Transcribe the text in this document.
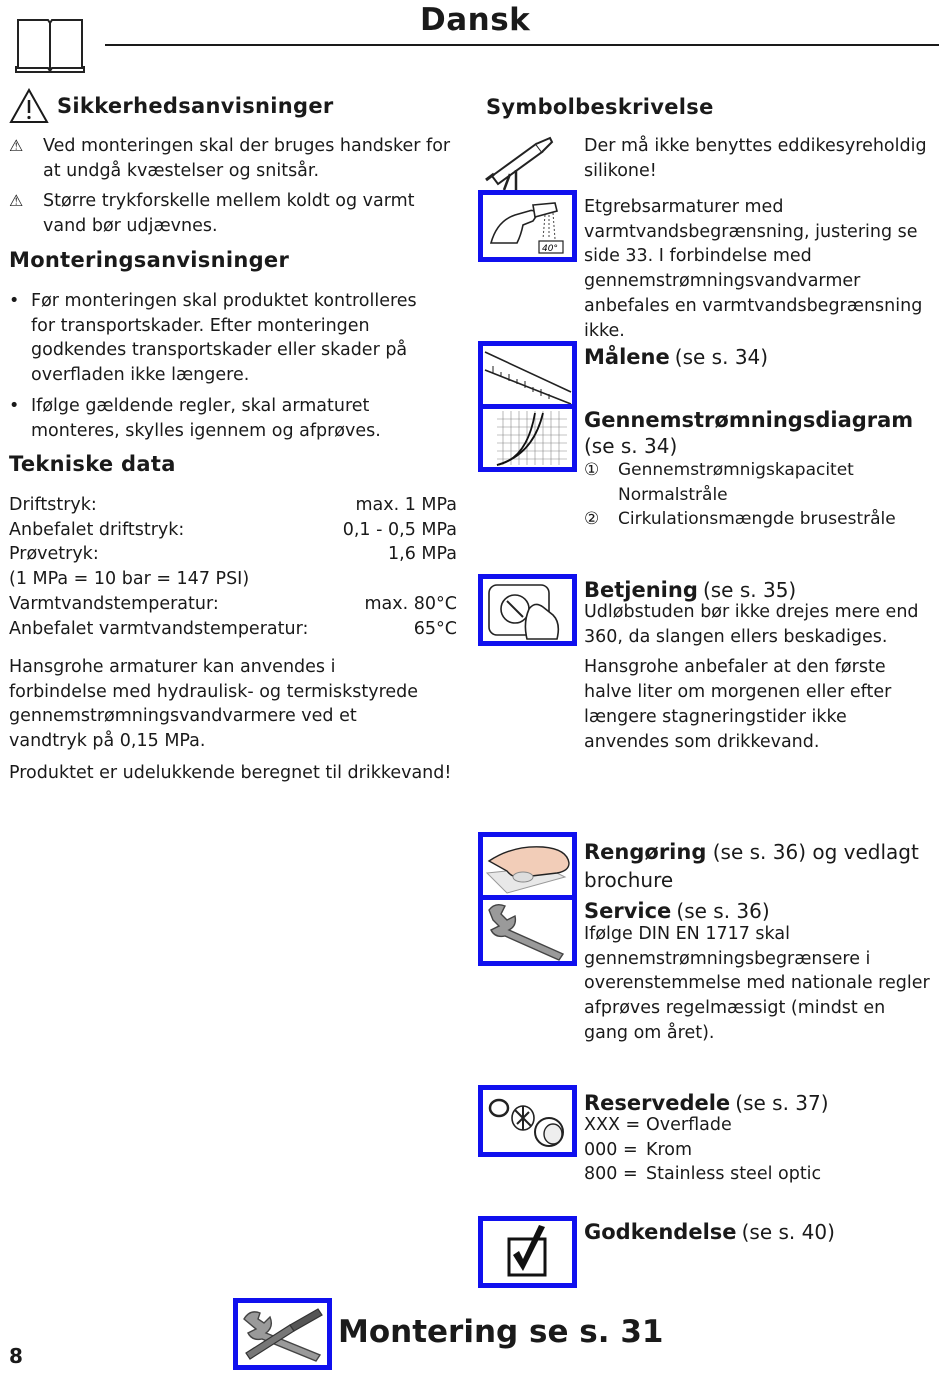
Dansk
Sikkerhedsanvisninger
⚠	Ved monteringen skal der bruges handsker for at undgå kvæstelser og snitsår.
⚠	Større trykforskelle mellem koldt og varmt vand bør udjævnes.
Monteringsanvisninger
• Før monteringen skal produktet kontrolleres for transportskader. Efter monteringen godkendes transportskader eller skader på overfladen ikke længere.
• Ifølge gældende regler, skal armaturet monteres, skylles igennem og afprøves.
Tekniske data
Driftstryk:	max. 1 MPa
Anbefalet driftstryk:	0,1 - 0,5 MPa
Prøvetryk:	1,6 MPa
(1 MPa = 10 bar = 147 PSI)
Varmtvandstemperatur:	max. 80°C
Anbefalet varmtvandstemperatur:	65°C
Hansgrohe armaturer kan anvendes i forbindelse med hydraulisk- og termiskstyrede gennemstrømningsvandvarmere ved et vandtryk på 0,15 MPa.
Produktet er udelukkende beregnet til drikkevand!
Symbolbeskrivelse
Der må ikke benyttes eddikesyreholdig silikone!
40°
Etgrebsarmaturer med varmtvandsbegrænsning, justering se side 33. I forbindelse med gennemstrømningsvandvarmer anbefales en varmtvandsbegrænsning ikke.
Målene (se s. 34)
Gennemstrømningsdiagram
(se s. 34)
①	Gennemstrømnigskapacitet
Normalstråle
②	Cirkulationsmængde brusestråle
Betjening (se s. 35)
Udløbstuden bør ikke drejes mere end 360, da slangen ellers beskadiges.
Hansgrohe anbefaler at den første halve liter om morgenen eller efter længere stagneringstider ikke anvendes som drikkevand.
Rengøring (se s. 36) og vedlagt brochure
Service (se s. 36)
Ifølge DIN EN 1717 skal gennemstrømningsbegrænsere i overenstemmelse med nationale regler afprøves regelmæssigt (mindst en gang om året).
Reservedele (se s. 37)
XXX = Overflade
000 = Krom
800 = Stainless steel optic
Godkendelse (se s. 40)
Montering se s. 31
8
